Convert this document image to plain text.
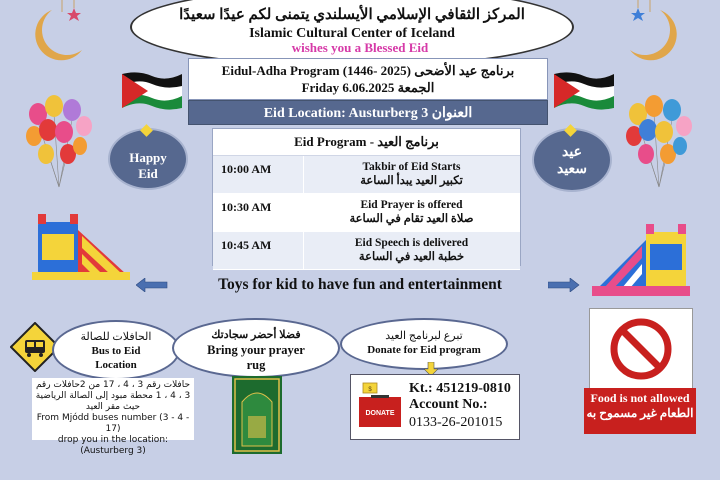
المركز الثقافي الإسلامي الأيسلندي يتمنى لكم عيدًا سعيدًا
Islamic Cultural Center of Iceland
wishes you a Blessed Eid
Eidul-Adha Program (1446- 2025) برنامج عيد الأضحى
Friday 6.06.2025 الجمعة
Eid Location: Austurberg 3 العنوان
Eid Program - برنامج العيد
10:00 AM	Takbir of Eid Starts
تكبير العيد يبدأ الساعة
10:30 AM	Eid Prayer is offered
صلاة العيد تقام في الساعة
10:45 AM	Eid Speech is delivered
خطبة العيد في الساعة
Happy
Eid
عيد
سعيد
Toys for kid to have fun and entertainment
الحافلات للصالة
Bus to Eid
Location
حافلات رقم 3 ، 4 ، 17 من 2حافلات رقم 3 ، 4 ، 1 محطة مبود إلى الصالة الرياضية حيث مقر العيد
From Mjódd buses number (3 - 4 - 17)
drop you in the location:
(Austurberg 3)
فضلا أحضر سجادتك
Bring your prayer
rug
تبرع لبرنامج العيد
Donate for Eid program
$
DONATE
Kt.: 451219-0810
Account No.:
0133-26-201015
Food is not allowed
الطعام غير مسموح به
